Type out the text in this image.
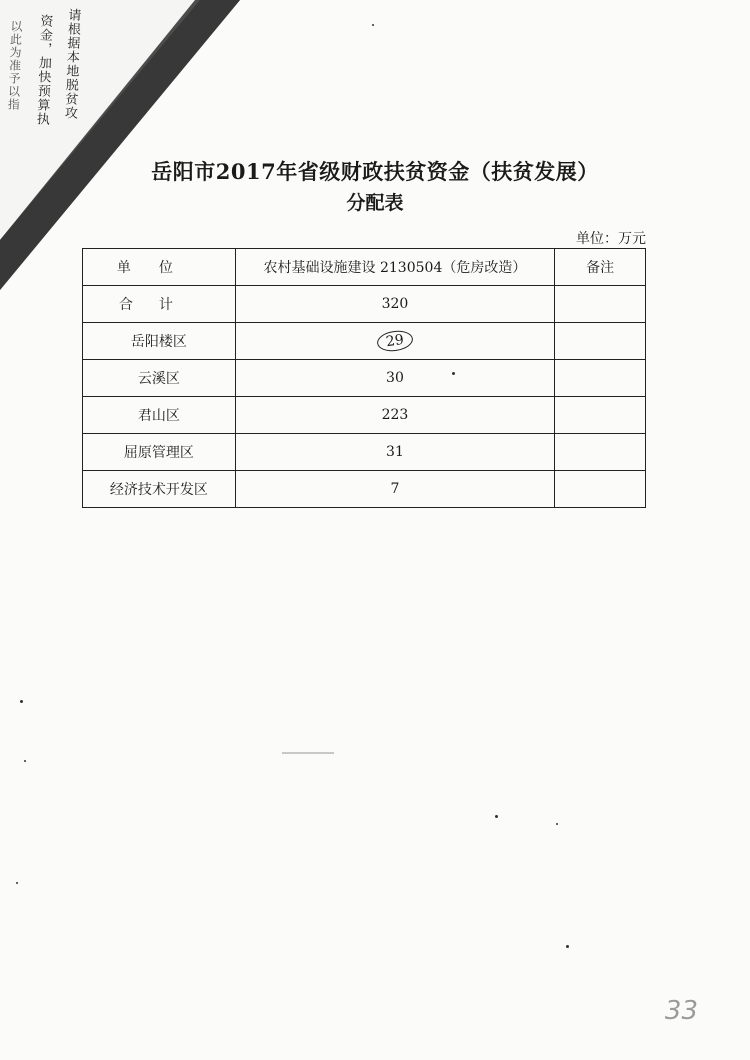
请根据本地脱贫攻
资金，加快预算执
以此为准予以指
岳阳市2017年省级财政扶贫资金（扶贫发展）
分配表
单位：万元
单位	农村基础设施建设 2130504（危房改造）	备注
合计	320	
岳阳楼区	29	
云溪区	30	
君山区	223	
屈原管理区	31	
经济技术开发区	7	
33
